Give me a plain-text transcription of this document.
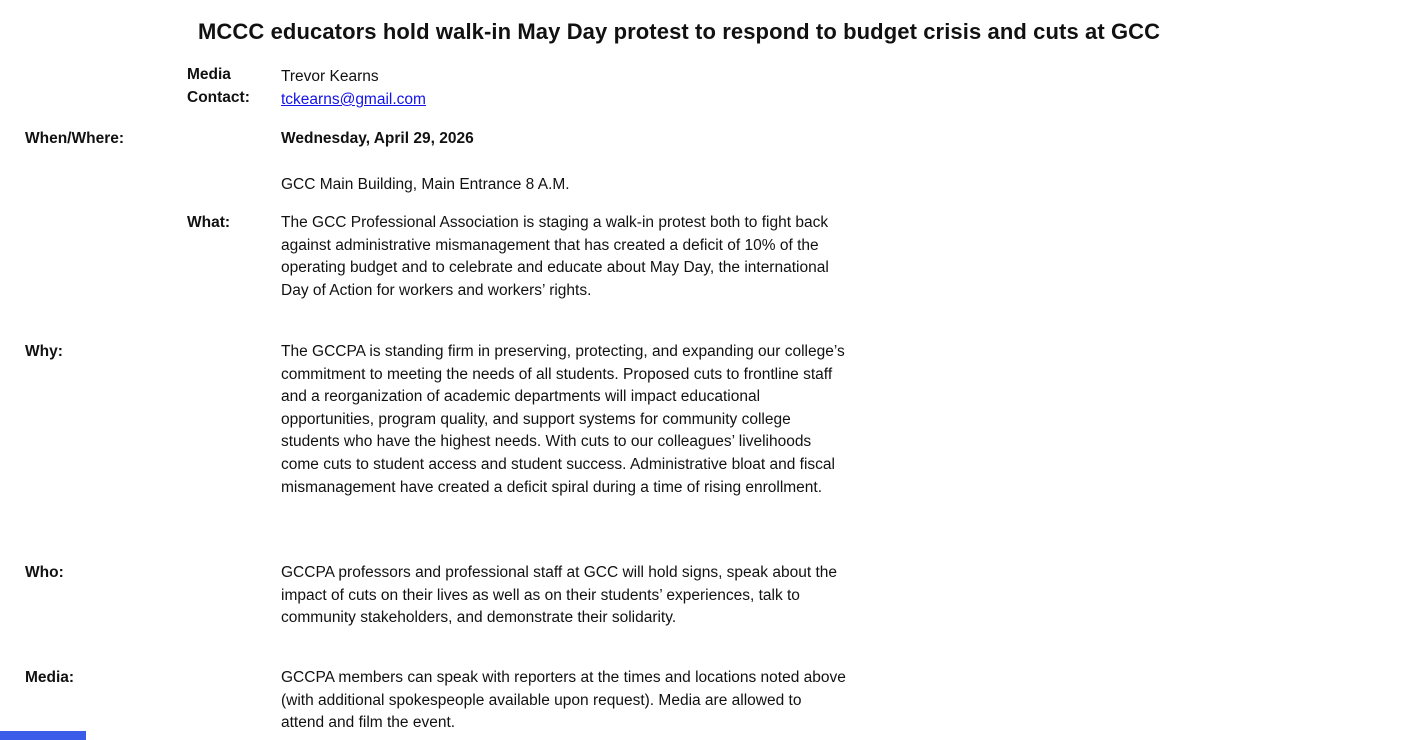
MCCC educators hold walk-in May Day protest to respond to budget crisis and cuts at GCC
Media Contact:
Trevor Kearns
tckearns@gmail.com
When/Where:	Wednesday, April 29, 2026
GCC Main Building, Main Entrance 8 A.M.
What:	The GCC Professional Association is staging a walk-in protest both to fight back against administrative mismanagement that has created a deficit of 10% of the operating budget and to celebrate and educate about May Day, the international Day of Action for workers and workers’ rights.
Why:	The GCCPA is standing firm in preserving, protecting, and expanding our college’s commitment to meeting the needs of all students. Proposed cuts to frontline staff and a reorganization of academic departments will impact educational opportunities, program quality, and support systems for community college students who have the highest needs. With cuts to our colleagues’ livelihoods come cuts to student access and student success. Administrative bloat and fiscal mismanagement have created a deficit spiral during a time of rising enrollment.
Who:	GCCPA professors and professional staff at GCC will hold signs, speak about the impact of cuts on their lives as well as on their students’ experiences, talk to community stakeholders, and demonstrate their solidarity.
Media:	GCCPA members can speak with reporters at the times and locations noted above (with additional spokespeople available upon request). Media are allowed to attend and film the event.
